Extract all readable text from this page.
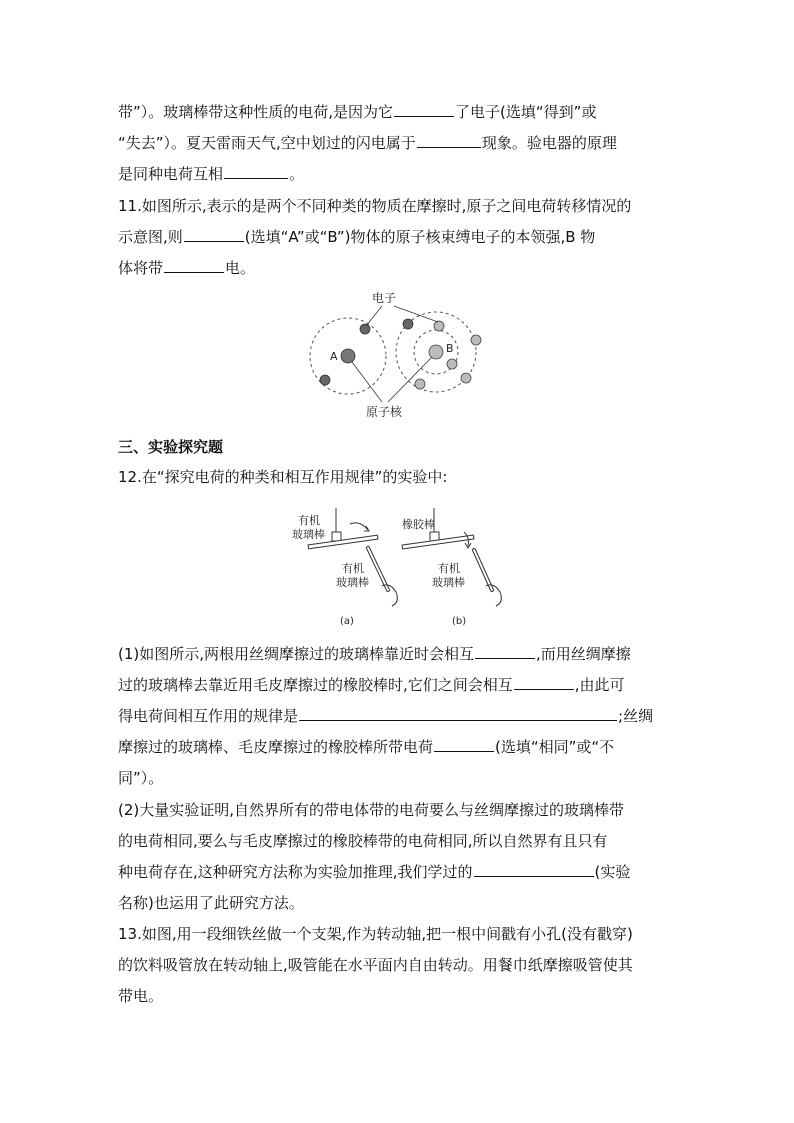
带”）。玻璃棒带这种性质的电荷,是因为它	了电子(选填“得到”或
“失去”）。夏天雷雨天气,空中划过的闪电属于	现象。验电器的原理
是同种电荷互相	。
11.如图所示,表示的是两个不同种类的物质在摩擦时,原子之间电荷转移情况的
示意图,则	(选填“A”或“B”)物体的原子核束缚电子的本领强,B 物
体将带	电。
A
B
电子
原子核
三、实验探究题
12.在“探究电荷的种类和相互作用规律”的实验中:
有机
玻璃棒
有机
玻璃棒
(a)
橡胶棒
有机
玻璃棒
(b)
(1)如图所示,两根用丝绸摩擦过的玻璃棒靠近时会相互	,而用丝绸摩擦
过的玻璃棒去靠近用毛皮摩擦过的橡胶棒时,它们之间会相互	,由此可
得电荷间相互作用的规律是	;丝绸
摩擦过的玻璃棒、毛皮摩擦过的橡胶棒所带电荷	(选填“相同”或“不
同”）。
(2)大量实验证明,自然界所有的带电体带的电荷要么与丝绸摩擦过的玻璃棒带
的电荷相同,要么与毛皮摩擦过的橡胶棒带的电荷相同,所以自然界有且只有
种电荷存在,这种研究方法称为实验加推理,我们学过的	(实验
名称)也运用了此研究方法。
13.如图,用一段细铁丝做一个支架,作为转动轴,把一根中间戳有小孔(没有戳穿)
的饮料吸管放在转动轴上,吸管能在水平面内自由转动。用餐巾纸摩擦吸管使其
带电。
